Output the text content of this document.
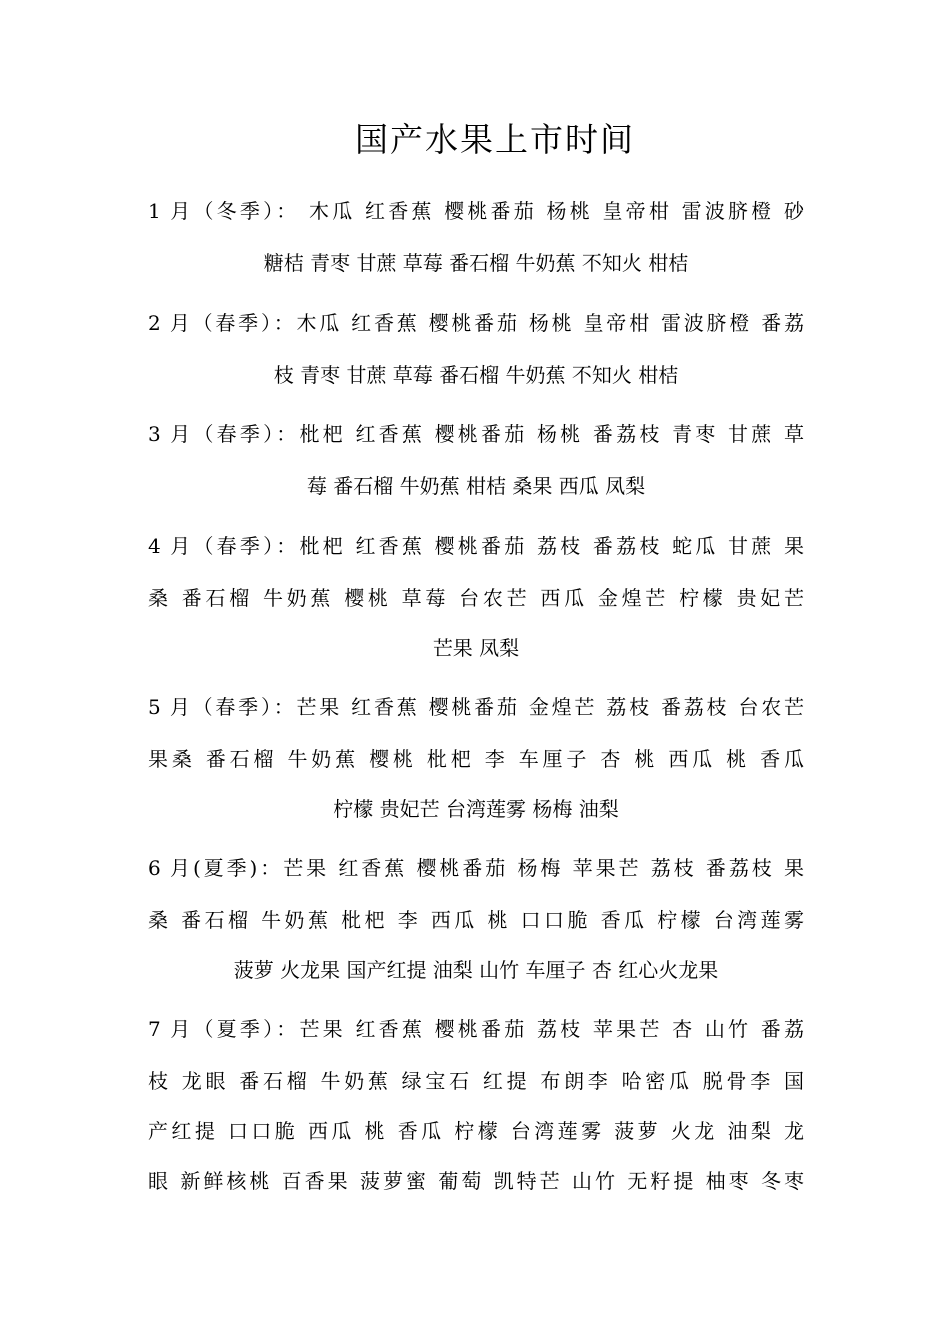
国产水果上市时间
1 月（冬季）： 木瓜 红香蕉 樱桃番茄 杨桃 皇帝柑 雷波脐橙 砂
糖桔 青枣 甘蔗 草莓 番石榴 牛奶蕉 不知火 柑桔
2 月（春季）：木瓜 红香蕉 樱桃番茄 杨桃 皇帝柑 雷波脐橙 番荔
枝 青枣 甘蔗 草莓 番石榴 牛奶蕉 不知火 柑桔
3 月（春季）：枇杷 红香蕉 樱桃番茄 杨桃 番荔枝 青枣 甘蔗 草
莓 番石榴 牛奶蕉 柑桔 桑果 西瓜 凤梨
4 月（春季）：枇杷 红香蕉 樱桃番茄 荔枝 番荔枝 蛇瓜 甘蔗 果
桑 番石榴 牛奶蕉 樱桃 草莓 台农芒 西瓜 金煌芒 柠檬 贵妃芒
芒果 凤梨
5 月（春季）：芒果 红香蕉 樱桃番茄 金煌芒 荔枝 番荔枝 台农芒
果桑 番石榴 牛奶蕉 樱桃 枇杷 李 车厘子 杏 桃 西瓜 桃 香瓜
柠檬 贵妃芒 台湾莲雾 杨梅 油梨
6 月(夏季)：芒果 红香蕉 樱桃番茄 杨梅 苹果芒 荔枝 番荔枝 果
桑 番石榴 牛奶蕉 枇杷 李 西瓜 桃 口口脆 香瓜 柠檬 台湾莲雾
菠萝 火龙果 国产红提 油梨 山竹 车厘子 杏 红心火龙果
7 月（夏季）：芒果 红香蕉 樱桃番茄 荔枝 苹果芒 杏 山竹 番荔
枝 龙眼 番石榴 牛奶蕉 绿宝石 红提 布朗李 哈密瓜 脱骨李 国
产红提 口口脆 西瓜 桃 香瓜 柠檬 台湾莲雾 菠萝 火龙 油梨 龙
眼 新鲜核桃 百香果 菠萝蜜 葡萄 凯特芒 山竹 无籽提 柚枣 冬枣
